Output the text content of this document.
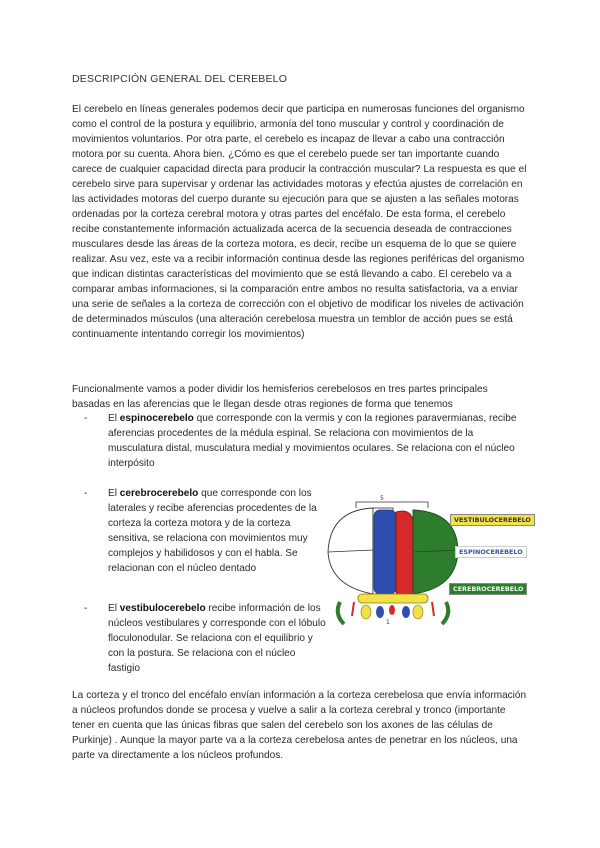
DESCRIPCIÓN GENERAL DEL CEREBELO

El cerebelo en líneas generales podemos decir que participa en numerosas funciones del organismo como el control de la postura y equilibrio, armonía del tono muscular y control y coordinación de movimientos voluntarios. Por otra parte, el cerebelo es incapaz de llevar a cabo una contracción motora por su cuenta. Ahora bien. ¿Cómo es que el cerebelo puede ser tan importante cuando carece de cualquier capacidad directa para producir la contracción muscular? La respuesta es que el cerebelo sirve para supervisar y ordenar las actividades motoras y efectúa ajustes de correlación en las actividades motoras del cuerpo durante su ejecución para que se ajusten a las señales motoras ordenadas por la corteza cerebral motora y otras partes del encéfalo. De esta forma, el cerebelo recibe constantemente información actualizada acerca de la secuencia deseada de contracciones musculares desde las áreas de la corteza motora, es decir, recibe un esquema de lo que se quiere realizar. Asu vez, este va a recibir información continua desde las regiones periféricas del organismo que indican distintas características del movimiento que se está llevando a cabo. El cerebelo va a comparar ambas informaciones, si la comparación entre ambos no resulta satisfactoria, va a enviar una serie de señales a la corteza de corrección con el objetivo de modificar los niveles de activación de determinados músculos (una alteración cerebelosa muestra un temblor de acción pues se está continuamente intentando corregir los movimientos)

Funcionalmente vamos a poder dividir los hemisferios cerebelosos en tres partes principales basadas en las aferencias que le llegan desde otras regiones de forma que tenemos

- El espinocerebelo que corresponde con la vermis y con la regiones paravermianas, recibe aferencias procedentes de la médula espinal. Se relaciona con movimientos de la musculatura distal, musculatura medial y movimientos oculares. Se relaciona con el núcleo interpósito
- El cerebrocerebelo que corresponde con los laterales y recibe aferencias procedentes de la corteza la corteza motora y de la corteza sensitiva, se relaciona con movimientos muy complejos y habilidosos y con el habla. Se relacionan con el núcleo dentado
- El vestibulocerebelo recibe información de los núcleos vestibulares y corresponde con el lóbulo floculonodular. Se relaciona con el equilibrio y con la postura. Se relaciona con el núcleo fastigio
5
1
VESTIBULOCEREBELO
ESPINOCEREBELO
CEREBROCEREBELO

La corteza y el tronco del encéfalo envían información a la corteza cerebelosa que envía información a núcleos profundos donde se procesa y vuelve a salir a la corteza cerebral y tronco (importante tener en cuenta que las únicas fibras que salen del cerebelo son los axones de las células de Purkinje) . Aunque la mayor parte va a la corteza cerebelosa antes de penetrar en los núcleos, una parte va directamente a los núcleos profundos.
